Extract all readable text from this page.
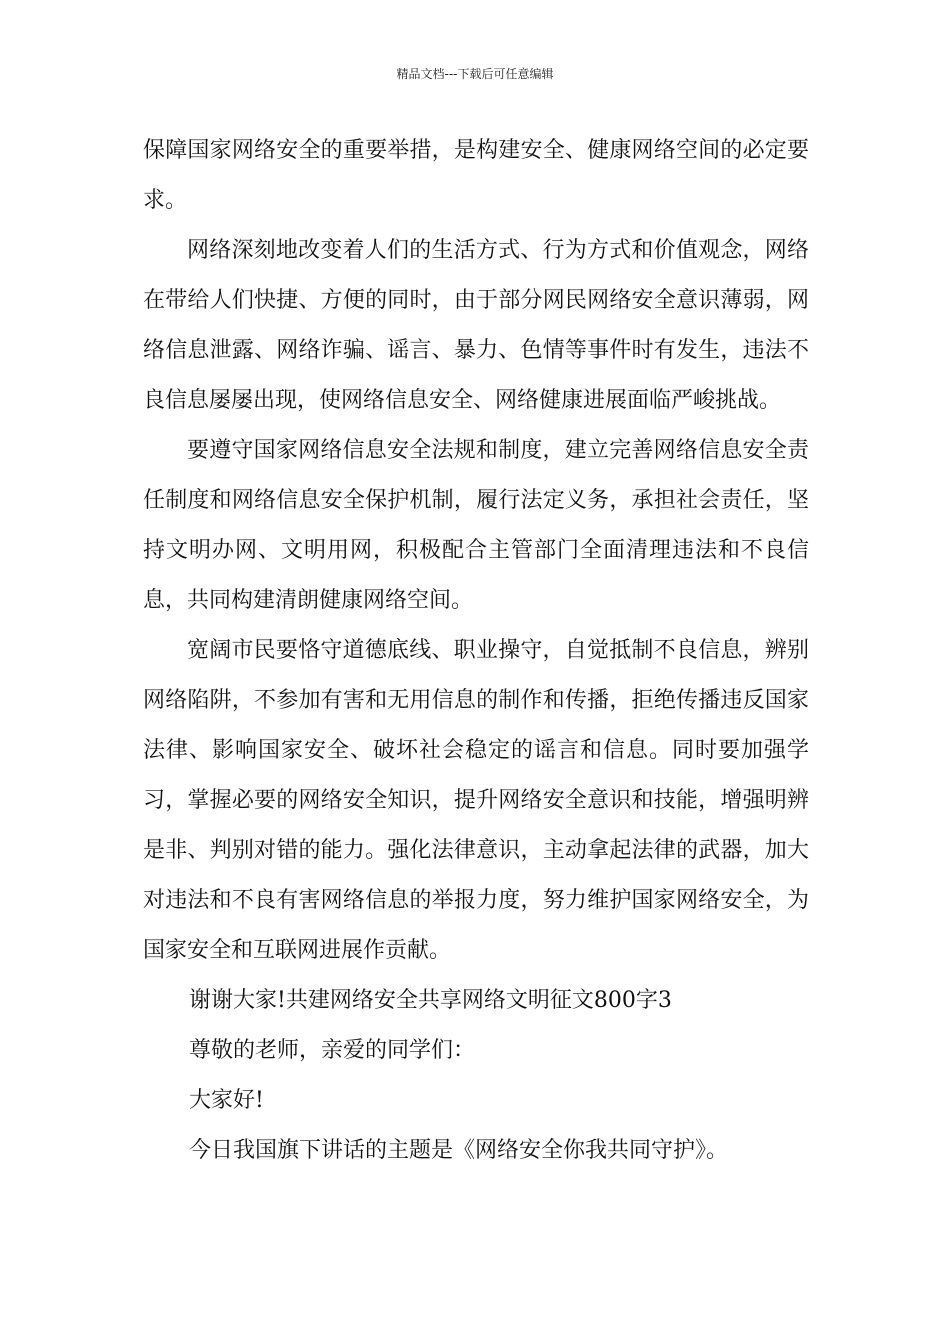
精品文档---下载后可任意编辑

保障国家网络安全的重要举措，是构建安全、健康网络空间的必定要求。

网络深刻地改变着人们的生活方式、行为方式和价值观念，网络在带给人们快捷、方便的同时，由于部分网民网络安全意识薄弱，网络信息泄露、网络诈骗、谣言、暴力、色情等事件时有发生，违法不良信息屡屡出现，使网络信息安全、网络健康进展面临严峻挑战。

要遵守国家网络信息安全法规和制度，建立完善网络信息安全责任制度和网络信息安全保护机制，履行法定义务，承担社会责任，坚持文明办网、文明用网，积极配合主管部门全面清理违法和不良信息，共同构建清朗健康网络空间。

宽阔市民要恪守道德底线、职业操守，自觉抵制不良信息，辨别网络陷阱，不参加有害和无用信息的制作和传播，拒绝传播违反国家法律、影响国家安全、破坏社会稳定的谣言和信息。同时要加强学习，掌握必要的网络安全知识，提升网络安全意识和技能，增强明辨是非、判别对错的能力。强化法律意识，主动拿起法律的武器，加大对违法和不良有害网络信息的举报力度，努力维护国家网络安全，为国家安全和互联网进展作贡献。

谢谢大家!共建网络安全共享网络文明征文800字3

尊敬的老师，亲爱的同学们：

大家好!

今日我国旗下讲话的主题是《网络安全你我共同守护》。
